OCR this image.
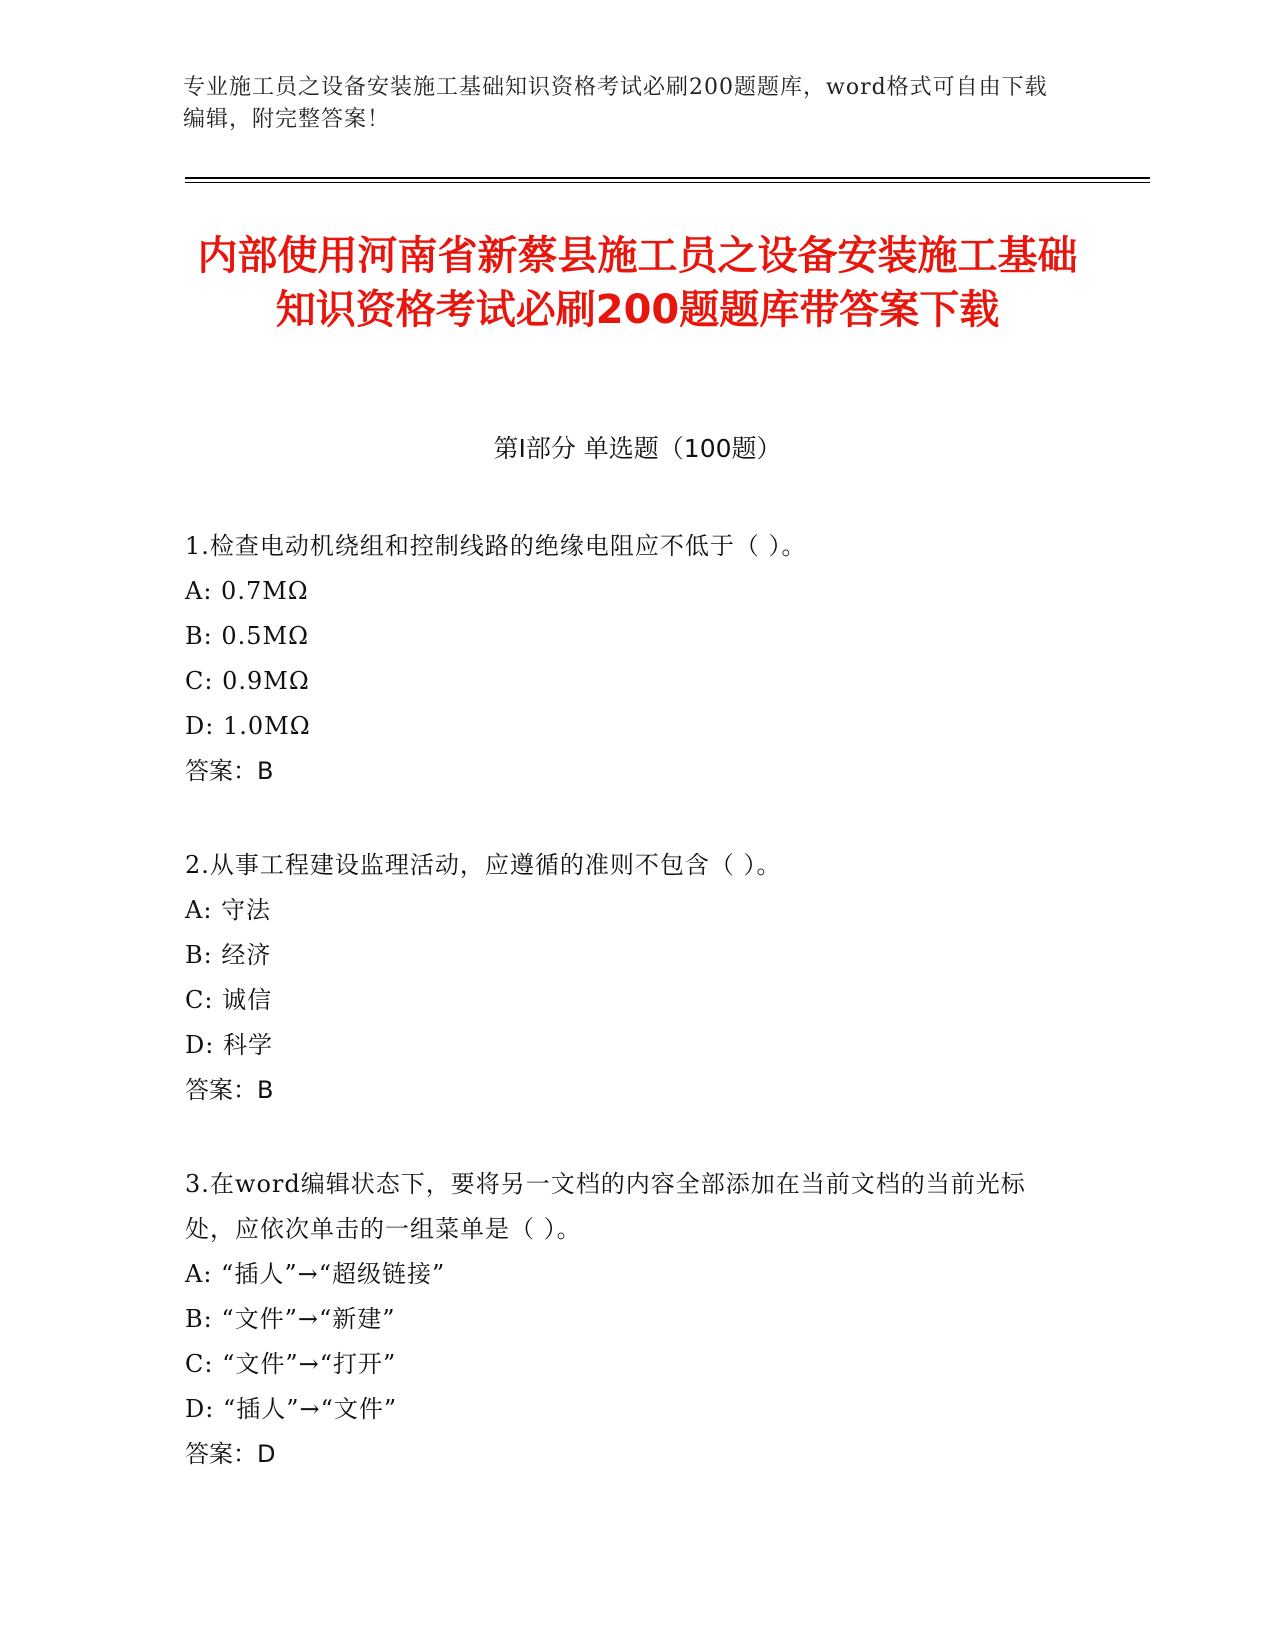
专业施工员之设备安装施工基础知识资格考试必刷200题题库，word格式可自由下载编辑，附完整答案！
内部使用河南省新蔡县施工员之设备安装施工基础知识资格考试必刷200题题库带答案下载
第Ⅰ部分 单选题（100题）
1.检查电动机绕组和控制线路的绝缘电阻应不低于（ ）。
A: 0.7MΩ
B: 0.5MΩ
C: 0.9MΩ
D: 1.0MΩ
答案：B
2.从事工程建设监理活动，应遵循的准则不包含（ ）。
A: 守法
B: 经济
C: 诚信
D: 科学
答案：B
3.在word编辑状态下，要将另一文档的内容全部添加在当前文档的当前光标处，应依次单击的一组菜单是（ ）。
A: “插人”→“超级链接”
B: “文件”→“新建”
C: “文件”→“打开”
D: “插人”→“文件”
答案：D
